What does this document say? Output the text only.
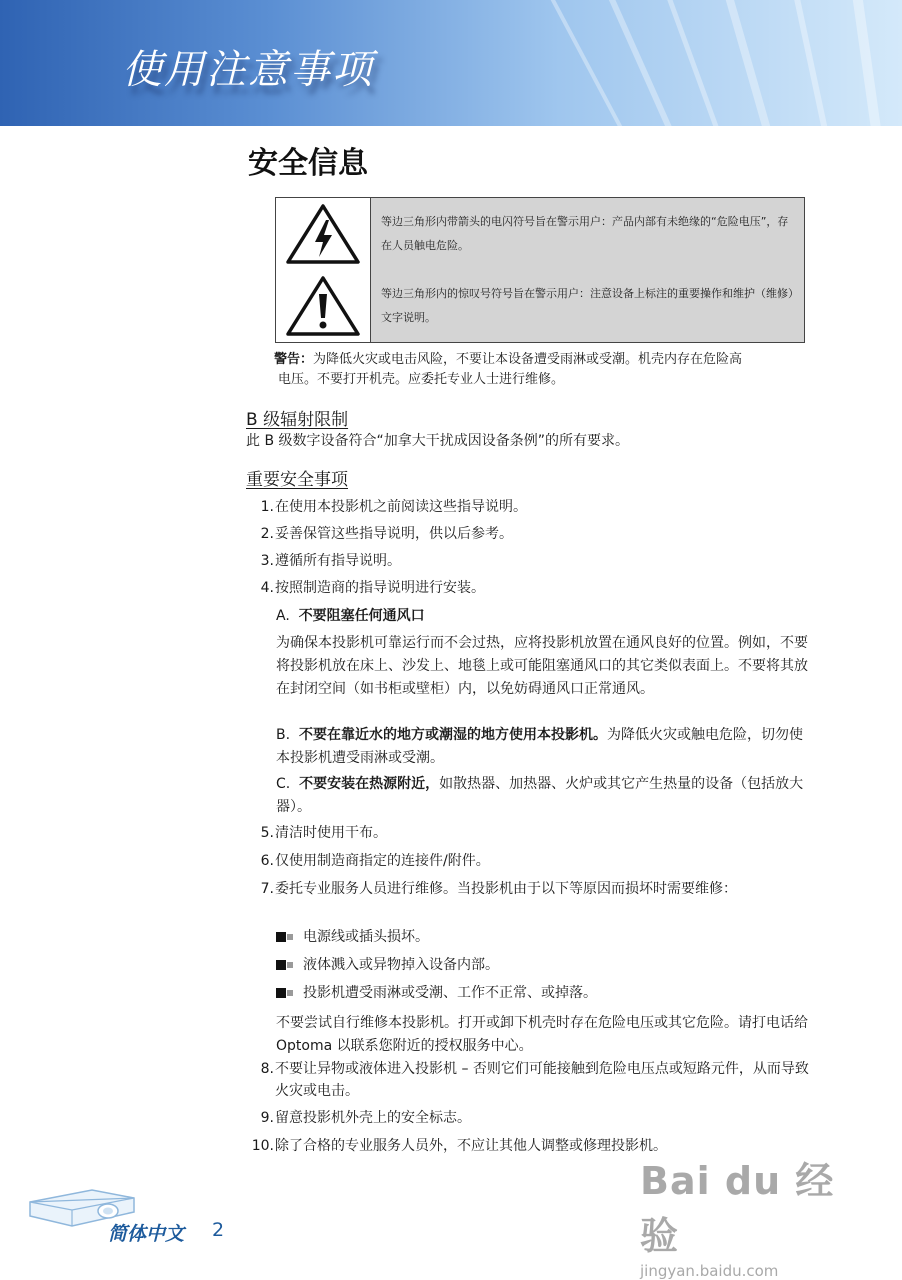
使用注意事项
安全信息
等边三角形内带箭头的电闪符号旨在警示用户：产品内部有未绝缘的“危险电压”，存在人员触电危险。
等边三角形内的惊叹号符号旨在警示用户：注意设备上标注的重要操作和维护（维修）文字说明。
警告：为降低火灾或电击风险，不要让本设备遭受雨淋或受潮。机壳内存在危险高
电压。不要打开机壳。应委托专业人士进行维修。
B 级辐射限制
此 B 级数字设备符合“加拿大干扰成因设备条例”的所有要求。
重要安全事项
1. 在使用本投影机之前阅读这些指导说明。
2. 妥善保管这些指导说明，供以后参考。
3. 遵循所有指导说明。
4. 按照制造商的指导说明进行安装。
A. 不要阻塞任何通风口
为确保本投影机可靠运行而不会过热，应将投影机放置在通风良好的位置。例如，不要将投影机放在床上、沙发上、地毯上或可能阻塞通风口的其它类似表面上。不要将其放在封闭空间（如书柜或壁柜）内，以免妨碍通风口正常通风。
B. 不要在靠近水的地方或潮湿的地方使用本投影机。为降低火灾或触电危险，切勿使本投影机遭受雨淋或受潮。
C. 不要安装在热源附近，如散热器、加热器、火炉或其它产生热量的设备（包括放大器）。
5. 清洁时使用干布。
6. 仅使用制造商指定的连接件/附件。
7. 委托专业服务人员进行维修。当投影机由于以下等原因而损坏时需要维修：
电源线或插头损坏。
液体溅入或异物掉入设备内部。
投影机遭受雨淋或受潮、工作不正常、或掉落。
不要尝试自行维修本投影机。打开或卸下机壳时存在危险电压或其它危险。请打电话给 Optoma 以联系您附近的授权服务中心。
8. 不要让异物或液体进入投影机 – 否则它们可能接触到危险电压点或短路元件，从而导致火灾或电击。
9. 留意投影机外壳上的安全标志。
10. 除了合格的专业服务人员外，不应让其他人调整或修理投影机。
简体中文 2
Bai du 经验
jingyan.baidu.com
